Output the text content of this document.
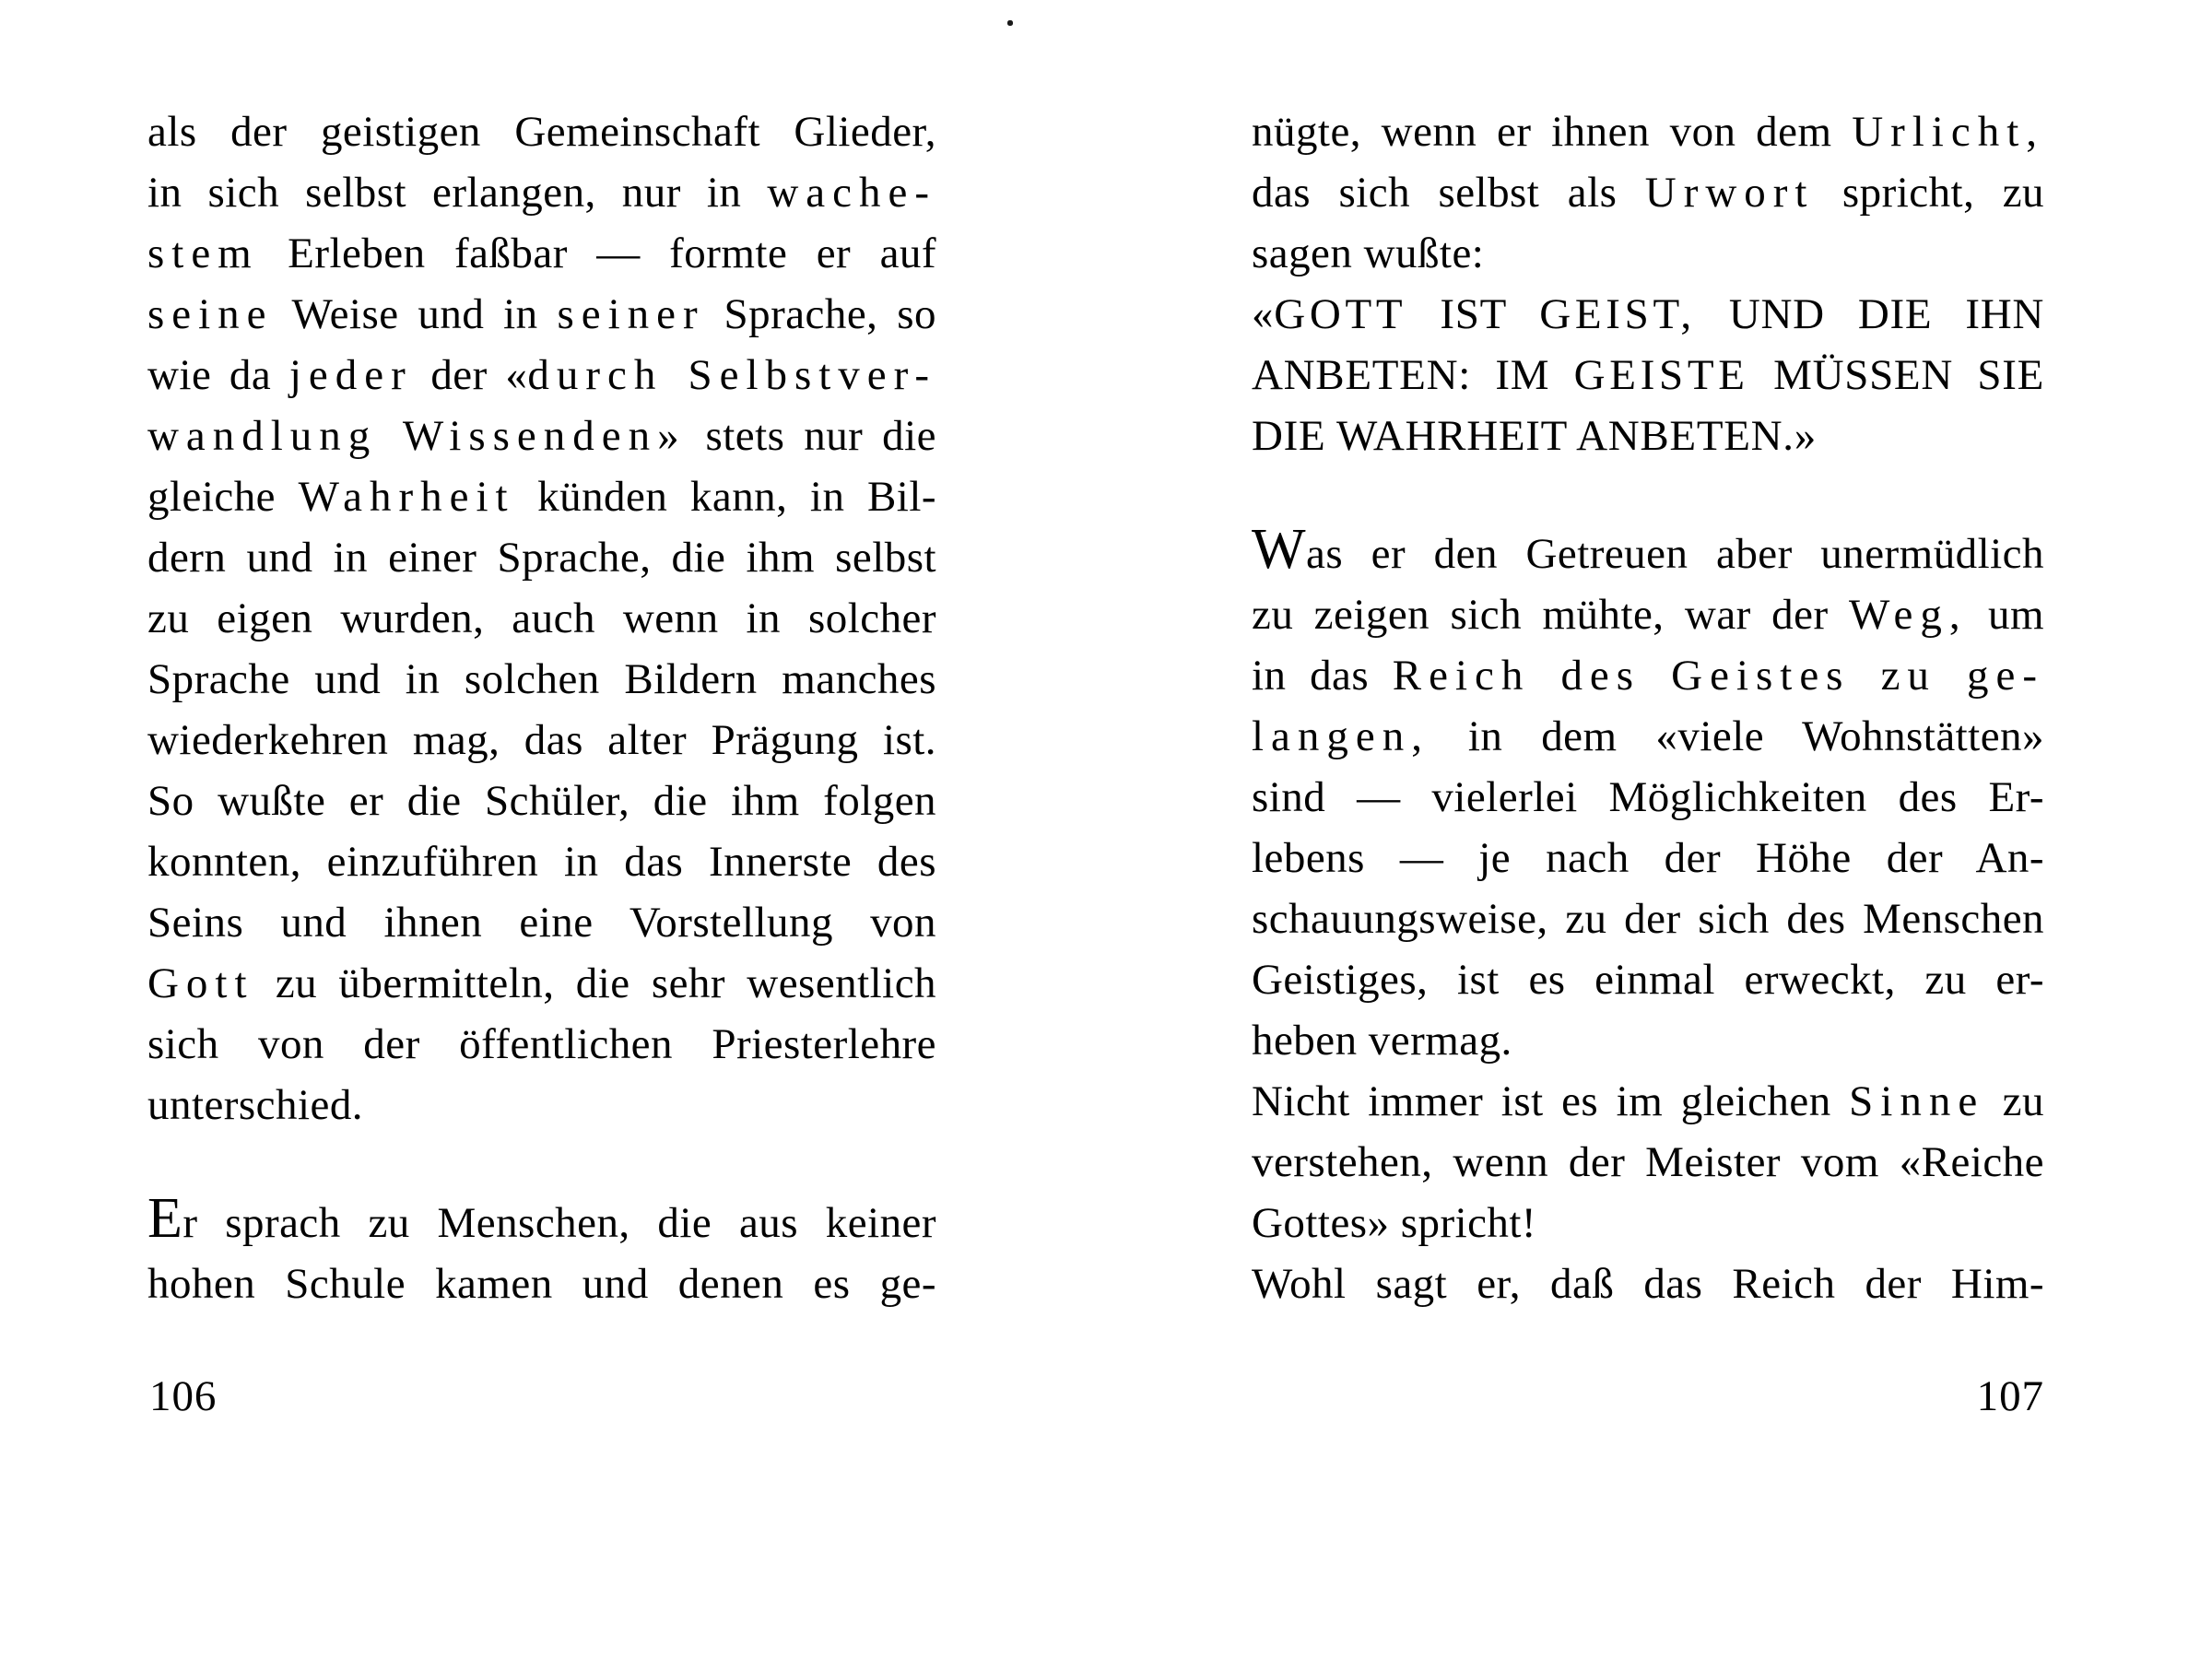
als der geistigen Gemeinschaft Glieder,
in sich selbst erlangen, nur in wache-
stem Erleben faßbar — formte er auf
seine Weise und in seiner Sprache, so
wie da jeder der «durch Selbstver-
wandlung Wissenden» stets nur die
gleiche Wahrheit künden kann, in Bil-
dern und in einer Sprache, die ihm selbst
zu eigen wurden, auch wenn in solcher
Sprache und in solchen Bildern manches
wiederkehren mag, das alter Prägung ist.
So wußte er die Schüler, die ihm folgen
konnten, einzuführen in das Innerste des
Seins und ihnen eine Vorstellung von
Gott zu übermitteln, die sehr wesentlich
sich von der öffentlichen Priesterlehre
unterschied.
Er sprach zu Menschen, die aus keiner
hohen Schule kamen und denen es ge-
106
nügte, wenn er ihnen von dem Urlicht,
das sich selbst als Urwort spricht, zu
sagen wußte:
«GOTT IST GEIST, UND DIE IHN
ANBETEN: IM GEISTE MÜSSEN SIE
DIE WAHRHEIT ANBETEN.»
Was er den Getreuen aber unermüdlich
zu zeigen sich mühte, war der Weg, um
in das Reich des Geistes zu ge-
langen, in dem «viele Wohnstätten»
sind — vielerlei Möglichkeiten des Er-
lebens — je nach der Höhe der An-
schauungsweise, zu der sich des Menschen
Geistiges, ist es einmal erweckt, zu er-
heben vermag.
Nicht immer ist es im gleichen Sinne zu
verstehen, wenn der Meister vom «Reiche
Gottes» spricht!
Wohl sagt er, daß das Reich der Him-
107
